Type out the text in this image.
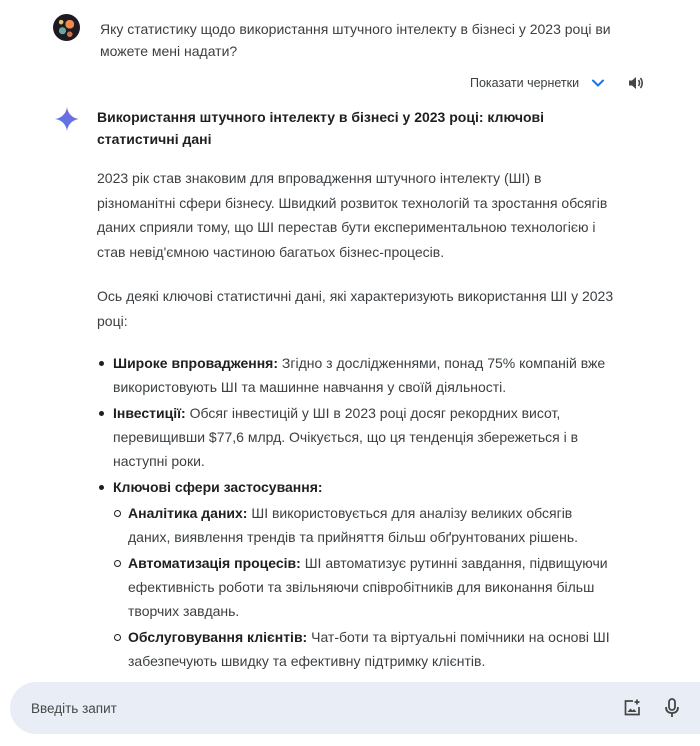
Яку статистику щодо використання штучного інтелекту в бізнесі у 2023 році ви можете мені надати?
Показати чернетки
Використання штучного інтелекту в бізнесі у 2023 році: ключові статистичні дані

2023 рік став знаковим для впровадження штучного інтелекту (ШІ) в різноманітні сфери бізнесу. Швидкий розвиток технологій та зростання обсягів даних сприяли тому, що ШІ перестав бути експериментальною технологією і став невід'ємною частиною багатьох бізнес-процесів.

Ось деякі ключові статистичні дані, які характеризують використання ШІ у 2023 році:

Широке впровадження: Згідно з дослідженнями, понад 75% компаній вже використовують ШІ та машинне навчання у своїй діяльності.
Інвестиції: Обсяг інвестицій у ШІ в 2023 році досяг рекордних висот, перевищивши $77,6 млрд. Очікується, що ця тенденція збережеться і в наступні роки.
Ключові сфери застосування:
Аналітика даних: ШІ використовується для аналізу великих обсягів даних, виявлення трендів та прийняття більш обґрунтованих рішень.
Автоматизація процесів: ШІ автоматизує рутинні завдання, підвищуючи ефективність роботи та звільняючи співробітників для виконання більш творчих завдань.
Обслуговування клієнтів: Чат-боти та віртуальні помічники на основі ШІ забезпечують швидку та ефективну підтримку клієнтів.
Введіть запит
